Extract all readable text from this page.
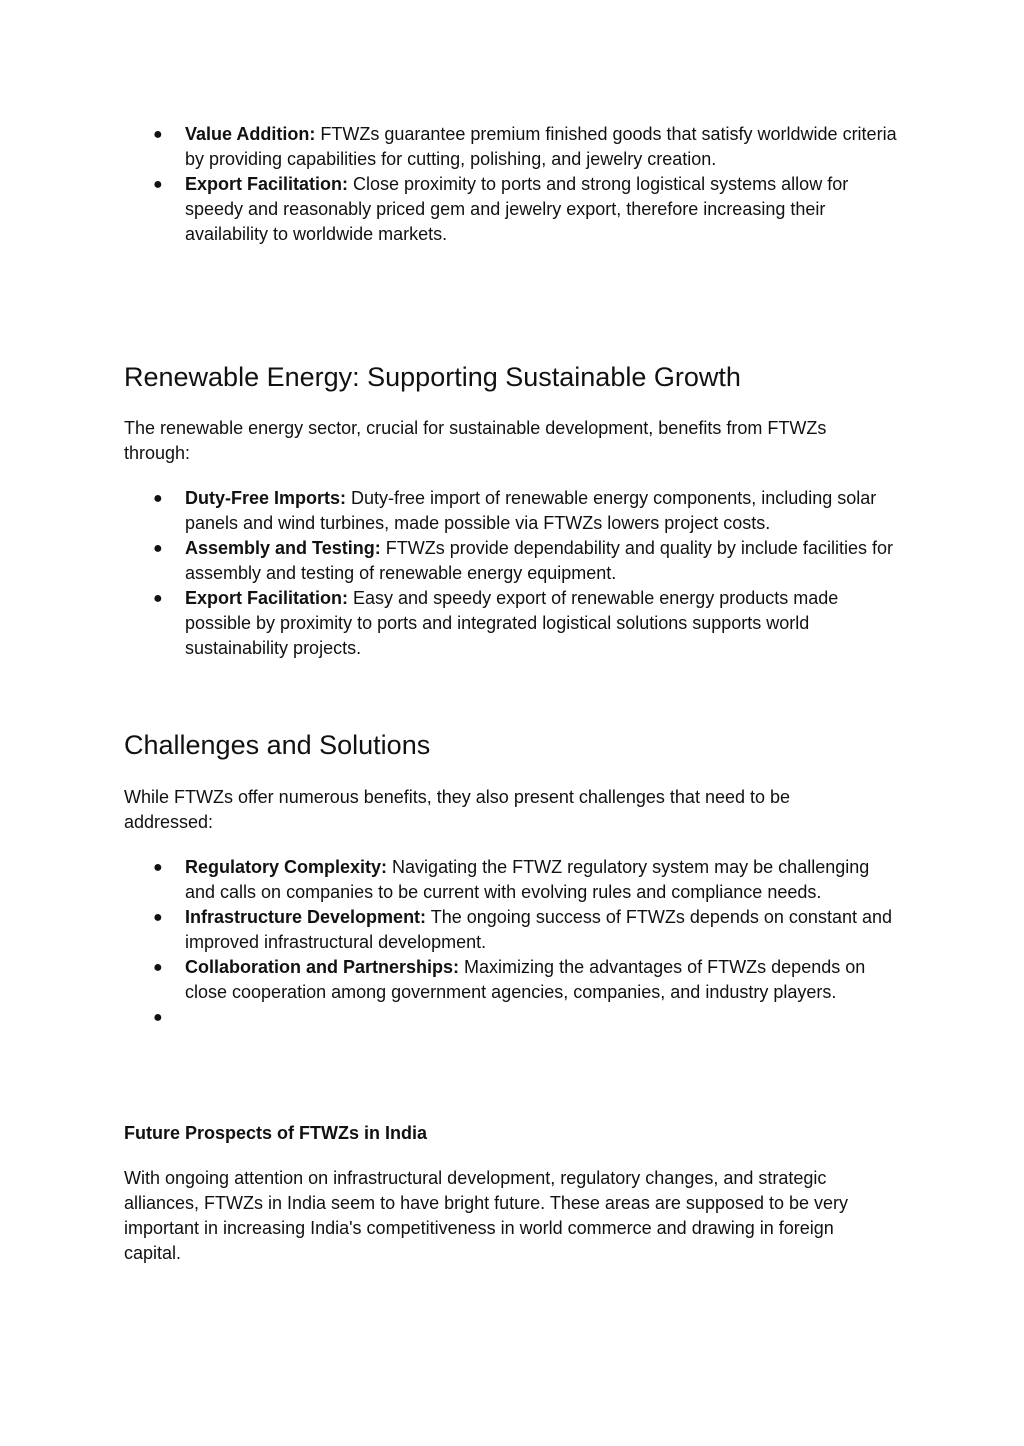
● Value Addition: FTWZs guarantee premium finished goods that satisfy worldwide criteria by providing capabilities for cutting, polishing, and jewelry creation.
● Export Facilitation: Close proximity to ports and strong logistical systems allow for speedy and reasonably priced gem and jewelry export, therefore increasing their availability to worldwide markets.
Renewable Energy: Supporting Sustainable Growth

The renewable energy sector, crucial for sustainable development, benefits from FTWZs through:

● Duty-Free Imports: Duty-free import of renewable energy components, including solar panels and wind turbines, made possible via FTWZs lowers project costs.
● Assembly and Testing: FTWZs provide dependability and quality by include facilities for assembly and testing of renewable energy equipment.
● Export Facilitation: Easy and speedy export of renewable energy products made possible by proximity to ports and integrated logistical solutions supports world sustainability projects.
Challenges and Solutions

While FTWZs offer numerous benefits, they also present challenges that need to be addressed:

● Regulatory Complexity: Navigating the FTWZ regulatory system may be challenging and calls on companies to be current with evolving rules and compliance needs.
● Infrastructure Development: The ongoing success of FTWZs depends on constant and improved infrastructural development.
● Collaboration and Partnerships: Maximizing the advantages of FTWZs depends on close cooperation among government agencies, companies, and industry players.
●
Future Prospects of FTWZs in India

With ongoing attention on infrastructural development, regulatory changes, and strategic alliances, FTWZs in India seem to have bright future. These areas are supposed to be very important in increasing India's competitiveness in world commerce and drawing in foreign capital.
